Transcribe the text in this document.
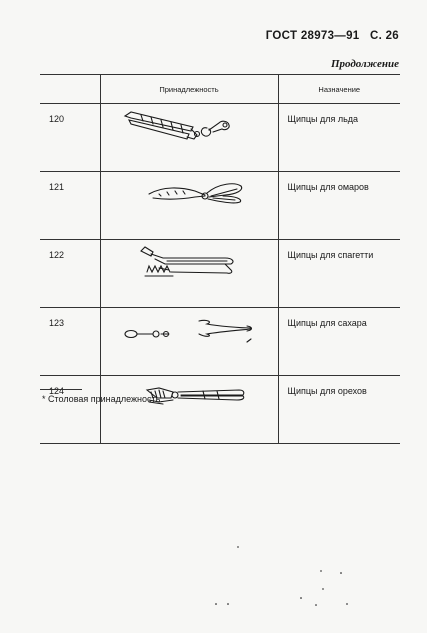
ГОСТ 28973—91 С. 26
Продолжение
	Принадлежность	Назначение
120		Щипцы для льда
121		Щипцы для омаров
122		Щипцы для спагетти
123		Щипцы для сахара
124		Щипцы для орехов
* Столовая принадлежность.
